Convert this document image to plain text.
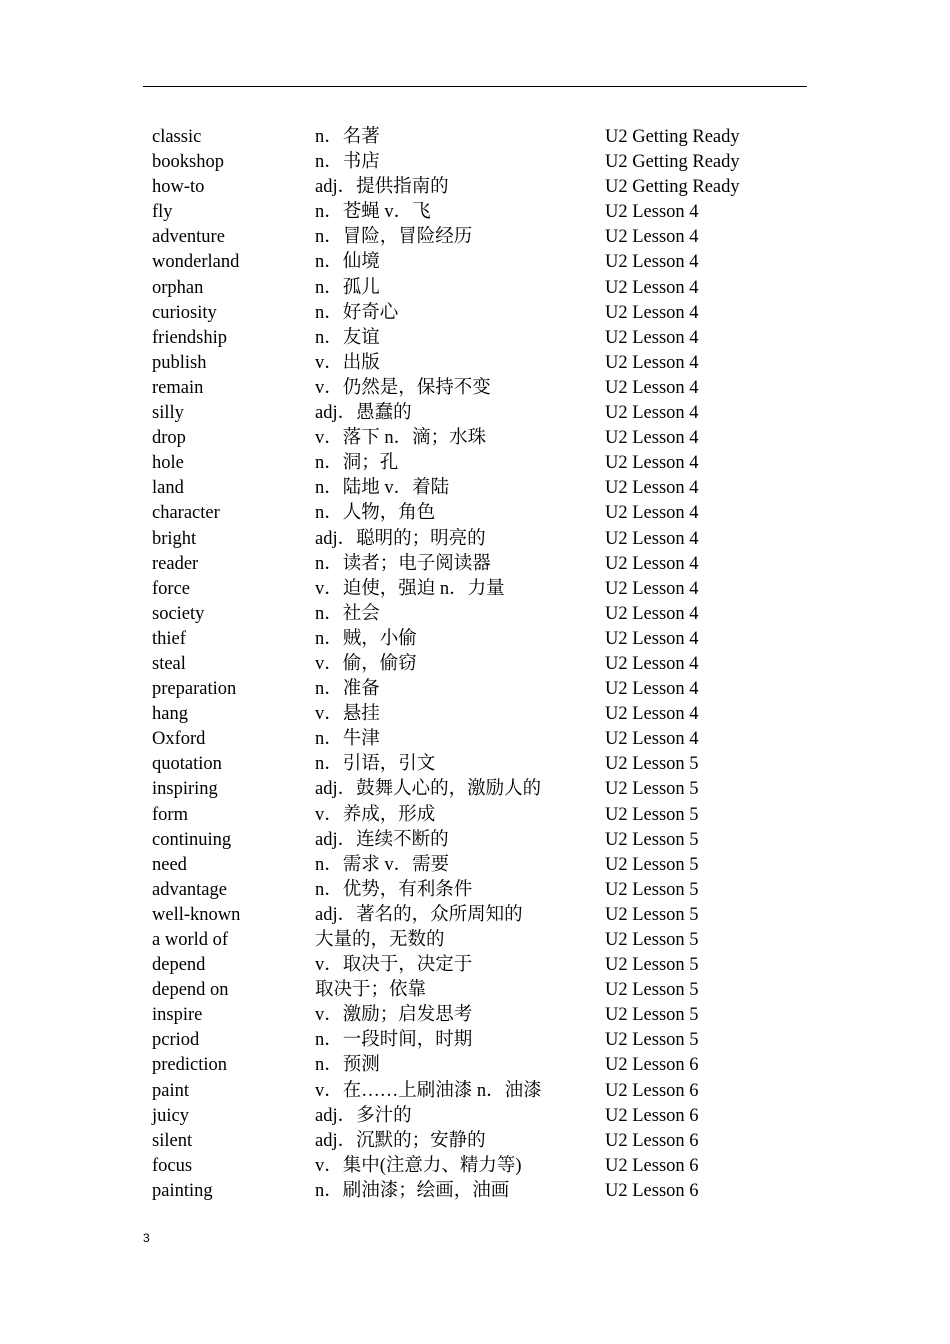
classic	n．名著	U2 Getting Ready
bookshop	n．书店	U2 Getting Ready
how-to	adj．提供指南的	U2 Getting Ready
fly	n．苍蝇 v．飞	U2 Lesson 4
adventure	n．冒险，冒险经历	U2 Lesson 4
wonderland	n．仙境	U2 Lesson 4
orphan	n．孤儿	U2 Lesson 4
curiosity	n．好奇心	U2 Lesson 4
friendship	n．友谊	U2 Lesson 4
publish	v．出版	U2 Lesson 4
remain	v．仍然是，保持不变	U2 Lesson 4
silly	adj．愚蠢的	U2 Lesson 4
drop	v．落下 n．滴；水珠	U2 Lesson 4
hole	n．洞；孔	U2 Lesson 4
land	n．陆地 v．着陆	U2 Lesson 4
character	n．人物，角色	U2 Lesson 4
bright	adj．聪明的；明亮的	U2 Lesson 4
reader	n．读者；电子阅读器	U2 Lesson 4
force	v．迫使，强迫 n．力量	U2 Lesson 4
society	n．社会	U2 Lesson 4
thief	n．贼，小偷	U2 Lesson 4
steal	v．偷，偷窃	U2 Lesson 4
preparation	n．准备	U2 Lesson 4
hang	v．悬挂	U2 Lesson 4
Oxford	n．牛津	U2 Lesson 4
quotation	n．引语，引文	U2 Lesson 5
inspiring	adj．鼓舞人心的，激励人的	U2 Lesson 5
form	v．养成，形成	U2 Lesson 5
continuing	adj．连续不断的	U2 Lesson 5
need	n．需求 v．需要	U2 Lesson 5
advantage	n．优势，有利条件	U2 Lesson 5
well-known	adj．著名的，众所周知的	U2 Lesson 5
a world of	大量的，无数的	U2 Lesson 5
depend	v．取决于，决定于	U2 Lesson 5
depend on	取决于；依靠	U2 Lesson 5
inspire	v．激励；启发思考	U2 Lesson 5
pcriod	n．一段时间，时期	U2 Lesson 5
prediction	n．预测	U2 Lesson 6
paint	v．在……上刷油漆 n．油漆	U2 Lesson 6
juicy	adj．多汁的	U2 Lesson 6
silent	adj．沉默的；安静的	U2 Lesson 6
focus	v．集中(注意力、精力等)	U2 Lesson 6
painting	n．刷油漆；绘画，油画	U2 Lesson 6
3
